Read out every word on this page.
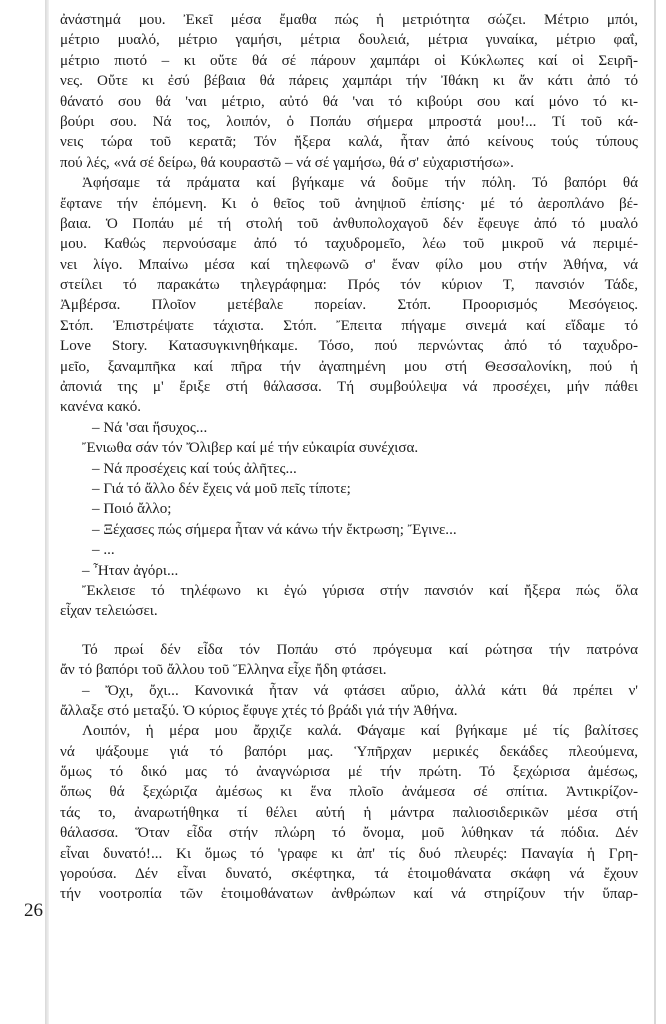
ἀνάστημά μου. Ἐκεῖ μέσα ἔμαθα πώς ἡ μετριότητα σώζει. Μέτριο μπόι,
μέτριο μυαλό, μέτριο γαμήσι, μέτρια δουλειά, μέτρια γυναίκα, μέτριο φαΐ,
μέτριο πιοτό – κι οὔτε θά σέ πάρουν χαμπάρι οἱ Κύκλωπες καί οἱ Σειρῆ-
νες. Οὔτε κι ἐσύ βέβαια θά πάρεις χαμπάρι τήν Ἰθάκη κι ἄν κάτι ἀπό τό
θάνατό σου θά 'ναι μέτριο, αὐτό θά 'ναι τό κιβούρι σου καί μόνο τό κι-
βούρι σου. Νά τος, λοιπόν, ὁ Ποπάυ σήμερα μπροστά μου!... Τί τοῦ κά-
νεις τώρα τοῦ κερατᾶ; Τόν ἤξερα καλά, ἦταν ἀπό κείνους τούς τύπους
πού λές, «νά σέ δείρω, θά κουραστῶ – νά σέ γαμήσω, θά σ' εὐχαριστήσω».
Ἀφήσαμε τά πράματα καί βγήκαμε νά δοῦμε τήν πόλη. Τό βαπόρι θά
ἔφτανε τήν ἑπόμενη. Κι ὁ θεῖος τοῦ ἀνηψιοῦ ἐπίσης· μέ τό ἀεροπλάνο βέ-
βαια. Ὁ Ποπάυ μέ τή στολή τοῦ ἀνθυπολοχαγοῦ δέν ἔφευγε ἀπό τό μυαλό
μου. Καθώς περνούσαμε ἀπό τό ταχυδρομεῖο, λέω τοῦ μικροῦ νά περιμέ-
νει λίγο. Μπαίνω μέσα καί τηλεφωνῶ σ' ἕναν φίλο μου στήν Ἀθήνα, νά
στείλει τό παρακάτω τηλεγράφημα: Πρός τόν κύριον Τ, πανσιόν Τάδε,
Ἀμβέρσα. Πλοῖον μετέβαλε πορείαν. Στόπ. Προορισμός Μεσόγειος.
Στόπ. Ἐπιστρέψατε τάχιστα. Στόπ. Ἔπειτα πήγαμε σινεμά καί εἴδαμε τό
Love Story. Κατασυγκινηθήκαμε. Τόσο, πού περνώντας ἀπό τό ταχυδρο-
μεῖο, ξαναμπῆκα καί πῆρα τήν ἀγαπημένη μου στή Θεσσαλονίκη, πού ἡ
ἀπονιά της μ' ἔριξε στή θάλασσα. Τή συμβούλεψα νά προσέχει, μήν πάθει
κανένα κακό.
– Νά 'σαι ἥσυχος...
Ἔνιωθα σάν τόν Ὄλιβερ καί μέ τήν εὐκαιρία συνέχισα.
– Νά προσέχεις καί τούς ἀλῆτες...
– Γιά τό ἄλλο δέν ἔχεις νά μοῦ πεῖς τίποτε;
– Ποιό ἄλλο;
– Ξέχασες πώς σήμερα ἦταν νά κάνω τήν ἔκτρωση; Ἔγινε...
– ...
– Ἦταν ἀγόρι...
Ἔκλεισε τό τηλέφωνο κι ἐγώ γύρισα στήν πανσιόν καί ἤξερα πώς ὅλα
εἶχαν τελειώσει.
Τό πρωί δέν εἶδα τόν Ποπάυ στό πρόγευμα καί ρώτησα τήν πατρόνα
ἄν τό βαπόρι τοῦ ἄλλου τοῦ Ἕλληνα εἶχε ἤδη φτάσει.
– Ὄχι, ὄχι... Κανονικά ἦταν νά φτάσει αὔριο, ἀλλά κάτι θά πρέπει ν'
ἄλλαξε στό μεταξύ. Ὁ κύριος ἔφυγε χτές τό βράδι γιά τήν Ἀθήνα.
Λοιπόν, ἡ μέρα μου ἄρχιζε καλά. Φάγαμε καί βγήκαμε μέ τίς βαλίτσες
νά ψάξουμε γιά τό βαπόρι μας. Ὑπῆρχαν μερικές δεκάδες πλεούμενα,
ὅμως τό δικό μας τό ἀναγνώρισα μέ τήν πρώτη. Τό ξεχώρισα ἀμέσως,
ὅπως θά ξεχώριζα ἀμέσως κι ἕνα πλοῖο ἀνάμεσα σέ σπίτια. Ἀντικρίζον-
τάς το, ἀναρωτήθηκα τί θέλει αὐτή ἡ μάντρα παλιοσιδερικῶν μέσα στή
θάλασσα. Ὅταν εἶδα στήν πλώρη τό ὄνομα, μοῦ λύθηκαν τά πόδια. Δέν
εἶναι δυνατό!... Κι ὅμως τό 'γραφε κι ἀπ' τίς δυό πλευρές: Παναγία ἡ Γρη-
γορούσα. Δέν εἶναι δυνατό, σκέφτηκα, τά ἑτοιμοθάνατα σκάφη νά ἔχουν
τήν νοοτροπία τῶν ἑτοιμοθάνατων ἀνθρώπων καί νά στηρίζουν τήν ὕπαρ-
26
